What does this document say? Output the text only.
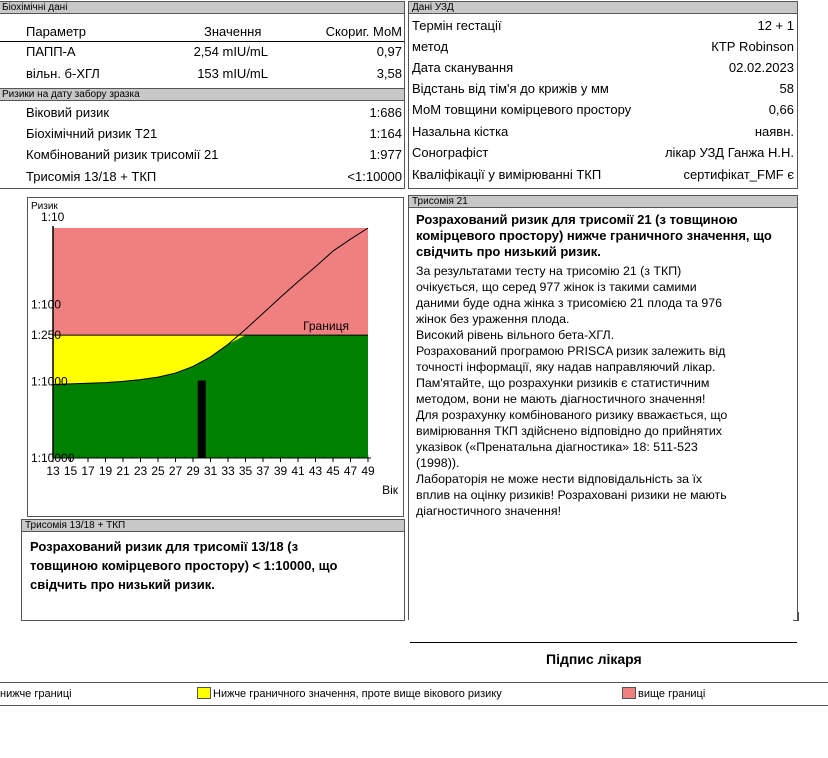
Біохімічні дані
Параметр	Значення	Скориг. МоМ
ПАПП-А	2,54 mIU/mL	0,97
вільн. б-ХГЛ	153 mIU/mL	3,58
Ризики на дату забору зразка
Віковий ризик	1:686
Біохімічний ризик Т21	1:164
Комбінований ризик трисомії 21	1:977
Трисомія 13/18 + ТКП	<1:10000
Дані УЗД
Термін гестації	12 + 1
метод	КТР Robinson
Дата сканування	02.02.2023
Відстань від тім'я до крижів у мм	58
МоМ товщини комірцевого простору	0,66
Назальна кістка	наявн.
Сонографіст	лікар УЗД Ганжа Н.Н.
Кваліфікації у вимірюванні ТКП	сертифікат_FMF є
1:10
1:100
1:250
1:1000
1:10000
Ризик
13 15 17 19 21 23 25 27 29 31 33 35 37 39 41 43 45 47 49
Вік
Границя
Трисомія 21
Розрахований ризик для трисомії 21 (з товщиною комірцевого простору) нижче граничного значення, що свідчить про низький ризик.
За результатами тесту на трисомію 21 (з ТКП)
очікується, що серед 977 жінок із такими самими
даними буде одна жінка з трисомією 21 плода та 976
жінок без ураження плода.
Високий рівень вільного бета-ХГЛ.
Розрахований програмою PRISCA ризик залежить від
точності інформації, яку надав направляючий лікар.
Пам'ятайте, що розрахунки ризиків є статистичним
методом, вони не мають діагностичного значення!
Для розрахунку комбінованого ризику вважається, що
вимірювання ТКП здійснено відповідно до прийнятих
указівок («Пренатальна діагностика» 18: 511-523
(1998)).
Лабораторія не може нести відповідальність за їх
вплив на оцінку ризиків! Розраховані ризики не мають
діагностичного значення!
Трисомія 13/18 + ТКП
Розрахований ризик для трисомії 13/18 (з
товщиною комірцевого простору) < 1:10000, що
свідчить про низький ризик.
Підпис лікаря
нижче границі	Нижче граничного значення, проте вище вікового ризику	вище границі
